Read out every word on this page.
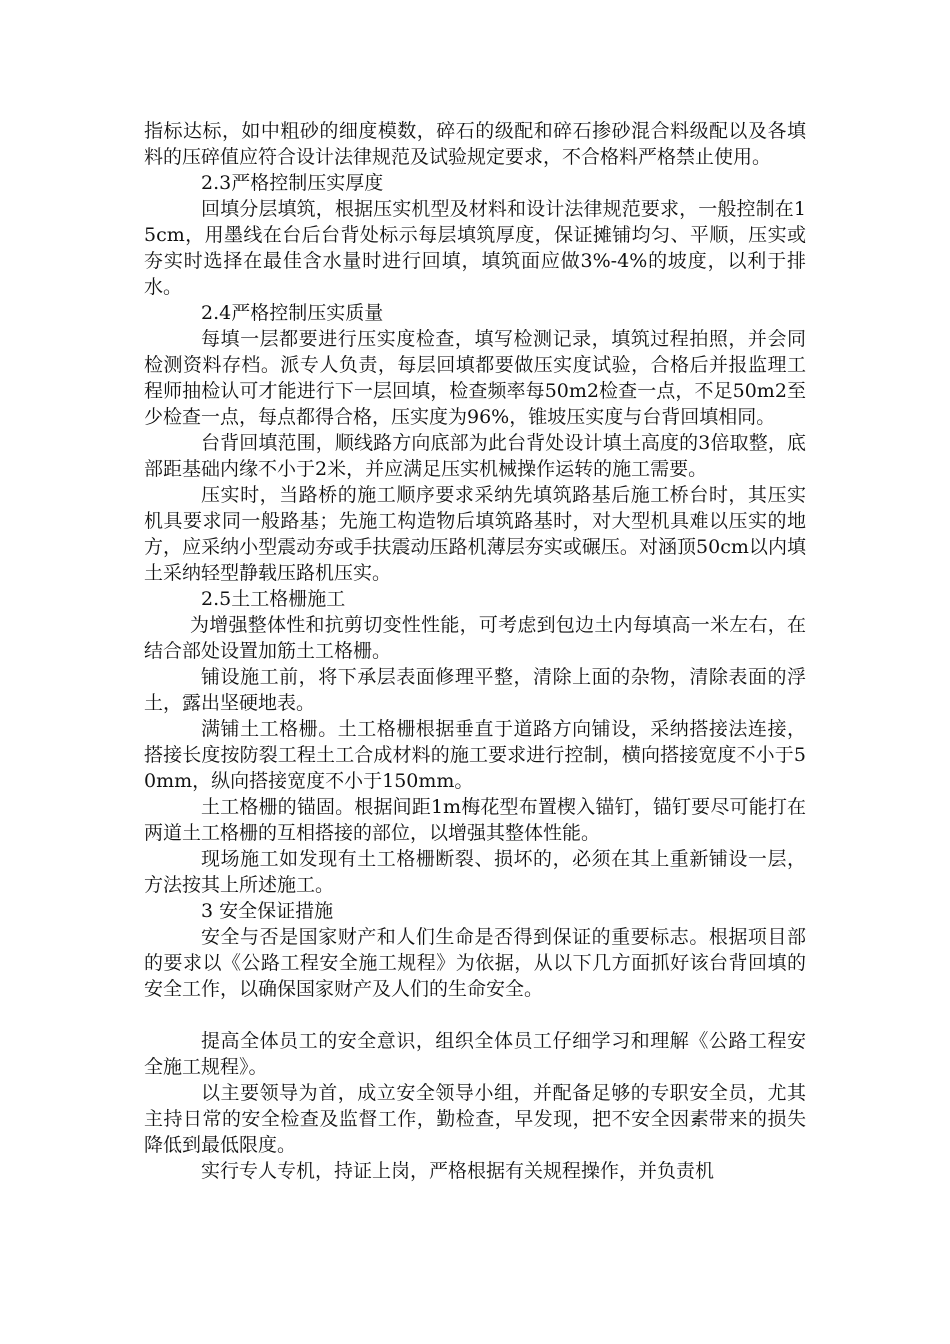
指标达标，如中粗砂的细度模数，碎石的级配和碎石掺砂混合料级配以及各填料的压碎值应符合设计法律规范及试验规定要求，不合格料严格禁止使用。

2.3严格控制压实厚度

回填分层填筑，根据压实机型及材料和设计法律规范要求，一般控制在15cm，用墨线在台后台背处标示每层填筑厚度，保证摊铺均匀、平顺，压实或夯实时选择在最佳含水量时进行回填，填筑面应做3%-4%的坡度，以利于排水。

2.4严格控制压实质量

每填一层都要进行压实度检查，填写检测记录，填筑过程拍照，并会同检测资料存档。派专人负责，每层回填都要做压实度试验，合格后并报监理工程师抽检认可才能进行下一层回填，检查频率每50m2检查一点，不足50m2至少检查一点，每点都得合格，压实度为96%，锥坡压实度与台背回填相同。

台背回填范围，顺线路方向底部为此台背处设计填土高度的3倍取整，底部距基础内缘不小于2米，并应满足压实机械操作运转的施工需要。

压实时，当路桥的施工顺序要求采纳先填筑路基后施工桥台时，其压实机具要求同一般路基；先施工构造物后填筑路基时，对大型机具难以压实的地方，应采纳小型震动夯或手扶震动压路机薄层夯实或碾压。对涵顶50cm以内填土采纳轻型静载压路机压实。

2.5土工格栅施工

为增强整体性和抗剪切变性性能，可考虑到包边土内每填高一米左右，在结合部处设置加筋土工格栅。

铺设施工前，将下承层表面修理平整，清除上面的杂物，清除表面的浮土，露出坚硬地表。

满铺土工格栅。土工格栅根据垂直于道路方向铺设，采纳搭接法连接，搭接长度按防裂工程土工合成材料的施工要求进行控制，横向搭接宽度不小于50mm，纵向搭接宽度不小于150mm。

土工格栅的锚固。根据间距1m梅花型布置楔入锚钉，锚钉要尽可能打在两道土工格栅的互相搭接的部位，以增强其整体性能。

现场施工如发现有土工格栅断裂、损坏的，必须在其上重新铺设一层，方法按其上所述施工。

3 安全保证措施

安全与否是国家财产和人们生命是否得到保证的重要标志。根据项目部的要求以《公路工程安全施工规程》为依据，从以下几方面抓好该台背回填的安全工作，以确保国家财产及人们的生命安全。

提高全体员工的安全意识，组织全体员工仔细学习和理解《公路工程安全施工规程》。

以主要领导为首，成立安全领导小组，并配备足够的专职安全员，尤其主持日常的安全检查及监督工作，勤检查，早发现，把不安全因素带来的损失降低到最低限度。

实行专人专机，持证上岗，严格根据有关规程操作，并负责机
